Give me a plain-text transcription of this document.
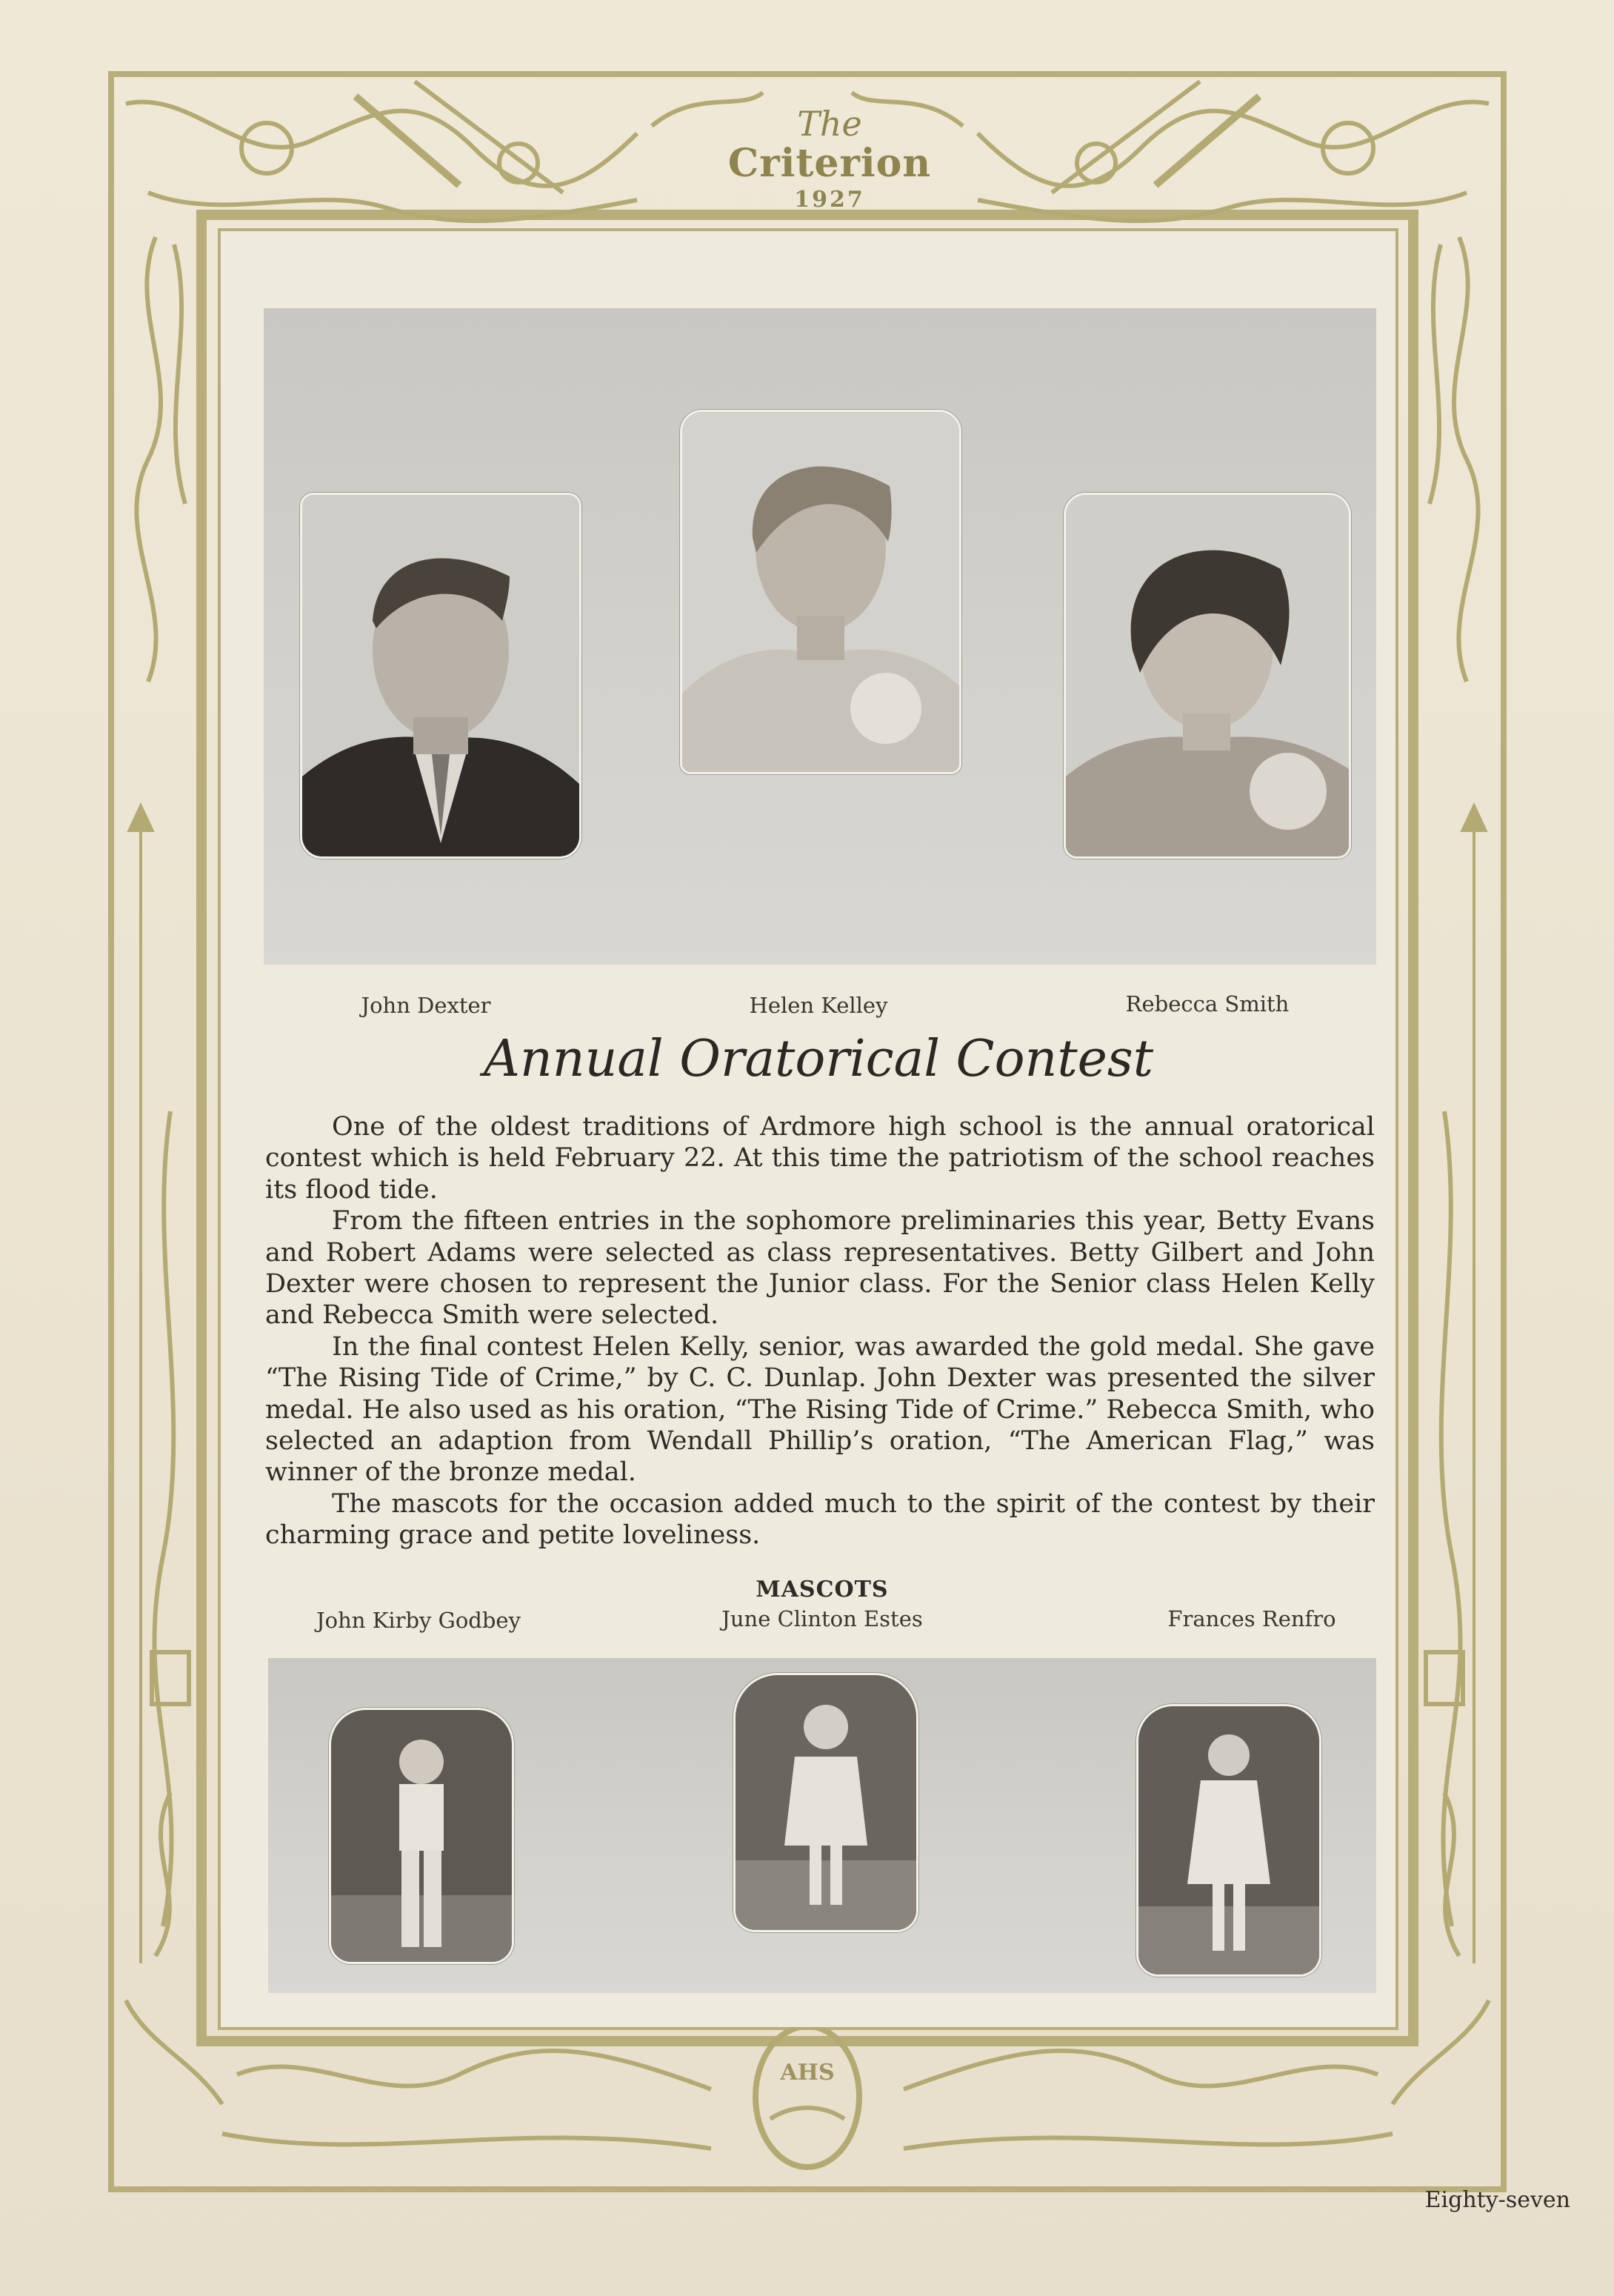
The
Criterion
1927
AHS
John Dexter	Helen Kelley	Rebecca Smith
Annual Oratorical Contest

One of the oldest traditions of Ardmore high school is the annual oratorical contest which is held February 22. At this time the patriotism of the school reaches its flood tide.

From the fifteen entries in the sophomore preliminaries this year, Betty Evans and Robert Adams were selected as class representatives. Betty Gilbert and John Dexter were chosen to represent the Junior class. For the Senior class Helen Kelly and Rebecca Smith were selected.

In the final contest Helen Kelly, senior, was awarded the gold medal. She gave “The Rising Tide of Crime,” by C. C. Dunlap. John Dexter was presented the silver medal. He also used as his oration, “The Rising Tide of Crime.” Rebecca Smith, who selected an adaption from Wendall Phillip’s oration, “The American Flag,” was winner of the bronze medal.

The mascots for the occasion added much to the spirit of the contest by their charming grace and petite loveliness.

MASCOTS
John Kirby Godbey	June Clinton Estes	Frances Renfro
Eighty-seven
